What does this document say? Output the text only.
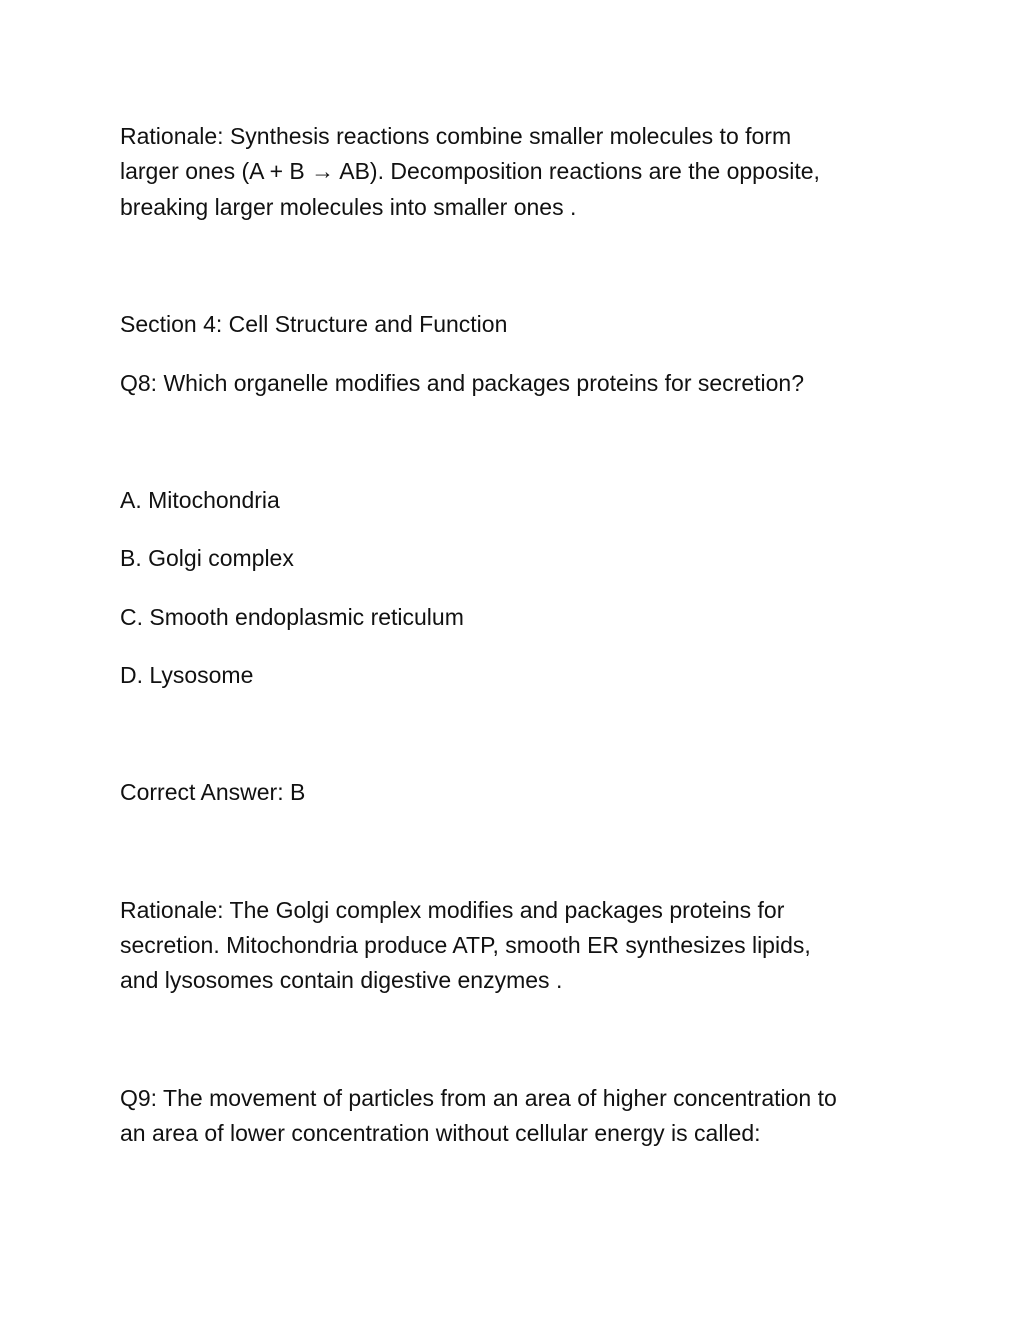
Rationale: Synthesis reactions combine smaller molecules to form

larger ones (A + B → AB). Decomposition reactions are the opposite,

breaking larger molecules into smaller ones .

Section 4: Cell Structure and Function

Q8: Which organelle modifies and packages proteins for secretion?

A. Mitochondria

B. Golgi complex

C. Smooth endoplasmic reticulum

D. Lysosome

Correct Answer: B

Rationale: The Golgi complex modifies and packages proteins for

secretion. Mitochondria produce ATP, smooth ER synthesizes lipids,

and lysosomes contain digestive enzymes .

Q9: The movement of particles from an area of higher concentration to

an area of lower concentration without cellular energy is called:
